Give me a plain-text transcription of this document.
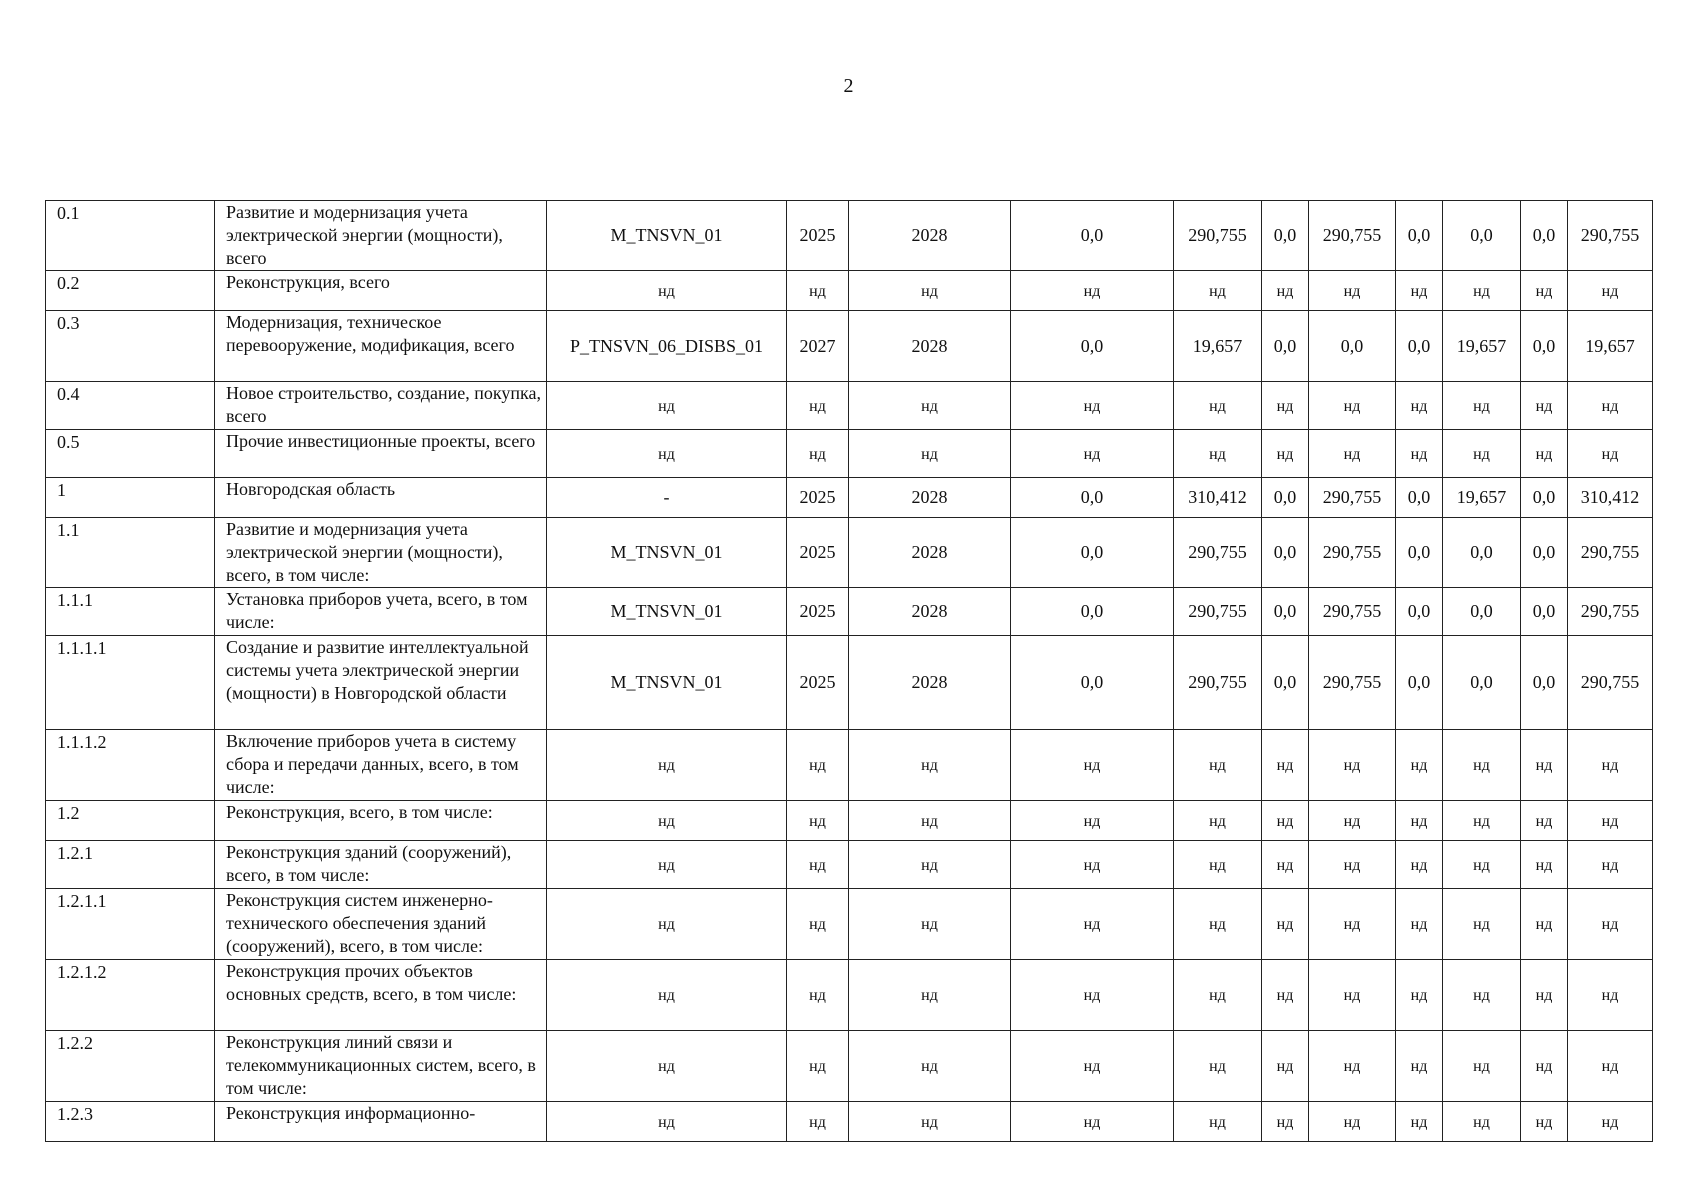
2
0.1	Развитие и модернизация учета электрической энергии (мощности), всего	M_TNSVN_01	2025	2028	0,0	290,755	0,0	290,755	0,0	0,0	0,0	290,755
0.2	Реконструкция, всего	нд	нд	нд	нд	нд	нд	нд	нд	нд	нд	нд
0.3	Модернизация, техническое перевооружение, модификация, всего	P_TNSVN_06_DISBS_01	2027	2028	0,0	19,657	0,0	0,0	0,0	19,657	0,0	19,657
0.4	Новое строительство, создание, покупка, всего	нд	нд	нд	нд	нд	нд	нд	нд	нд	нд	нд
0.5	Прочие инвестиционные проекты, всего	нд	нд	нд	нд	нд	нд	нд	нд	нд	нд	нд
1	Новгородская область	-	2025	2028	0,0	310,412	0,0	290,755	0,0	19,657	0,0	310,412
1.1	Развитие и модернизация учета электрической энергии (мощности), всего, в том числе:	M_TNSVN_01	2025	2028	0,0	290,755	0,0	290,755	0,0	0,0	0,0	290,755
1.1.1	Установка приборов учета, всего, в том числе:	M_TNSVN_01	2025	2028	0,0	290,755	0,0	290,755	0,0	0,0	0,0	290,755
1.1.1.1	Создание и развитие интеллектуальной системы учета электрической энергии (мощности) в Новгородской области	M_TNSVN_01	2025	2028	0,0	290,755	0,0	290,755	0,0	0,0	0,0	290,755
1.1.1.2	Включение приборов учета в систему сбора и передачи данных, всего, в том числе:	нд	нд	нд	нд	нд	нд	нд	нд	нд	нд	нд
1.2	Реконструкция, всего, в том числе:	нд	нд	нд	нд	нд	нд	нд	нд	нд	нд	нд
1.2.1	Реконструкция зданий (сооружений), всего, в том числе:	нд	нд	нд	нд	нд	нд	нд	нд	нд	нд	нд
1.2.1.1	Реконструкция систем инженерно-технического обеспечения зданий (сооружений), всего, в том числе:	нд	нд	нд	нд	нд	нд	нд	нд	нд	нд	нд
1.2.1.2	Реконструкция прочих объектов основных средств, всего, в том числе:	нд	нд	нд	нд	нд	нд	нд	нд	нд	нд	нд
1.2.2	Реконструкция линий связи и телекоммуникационных систем, всего, в том числе:	нд	нд	нд	нд	нд	нд	нд	нд	нд	нд	нд
1.2.3	Реконструкция информационно-	нд	нд	нд	нд	нд	нд	нд	нд	нд	нд	нд
